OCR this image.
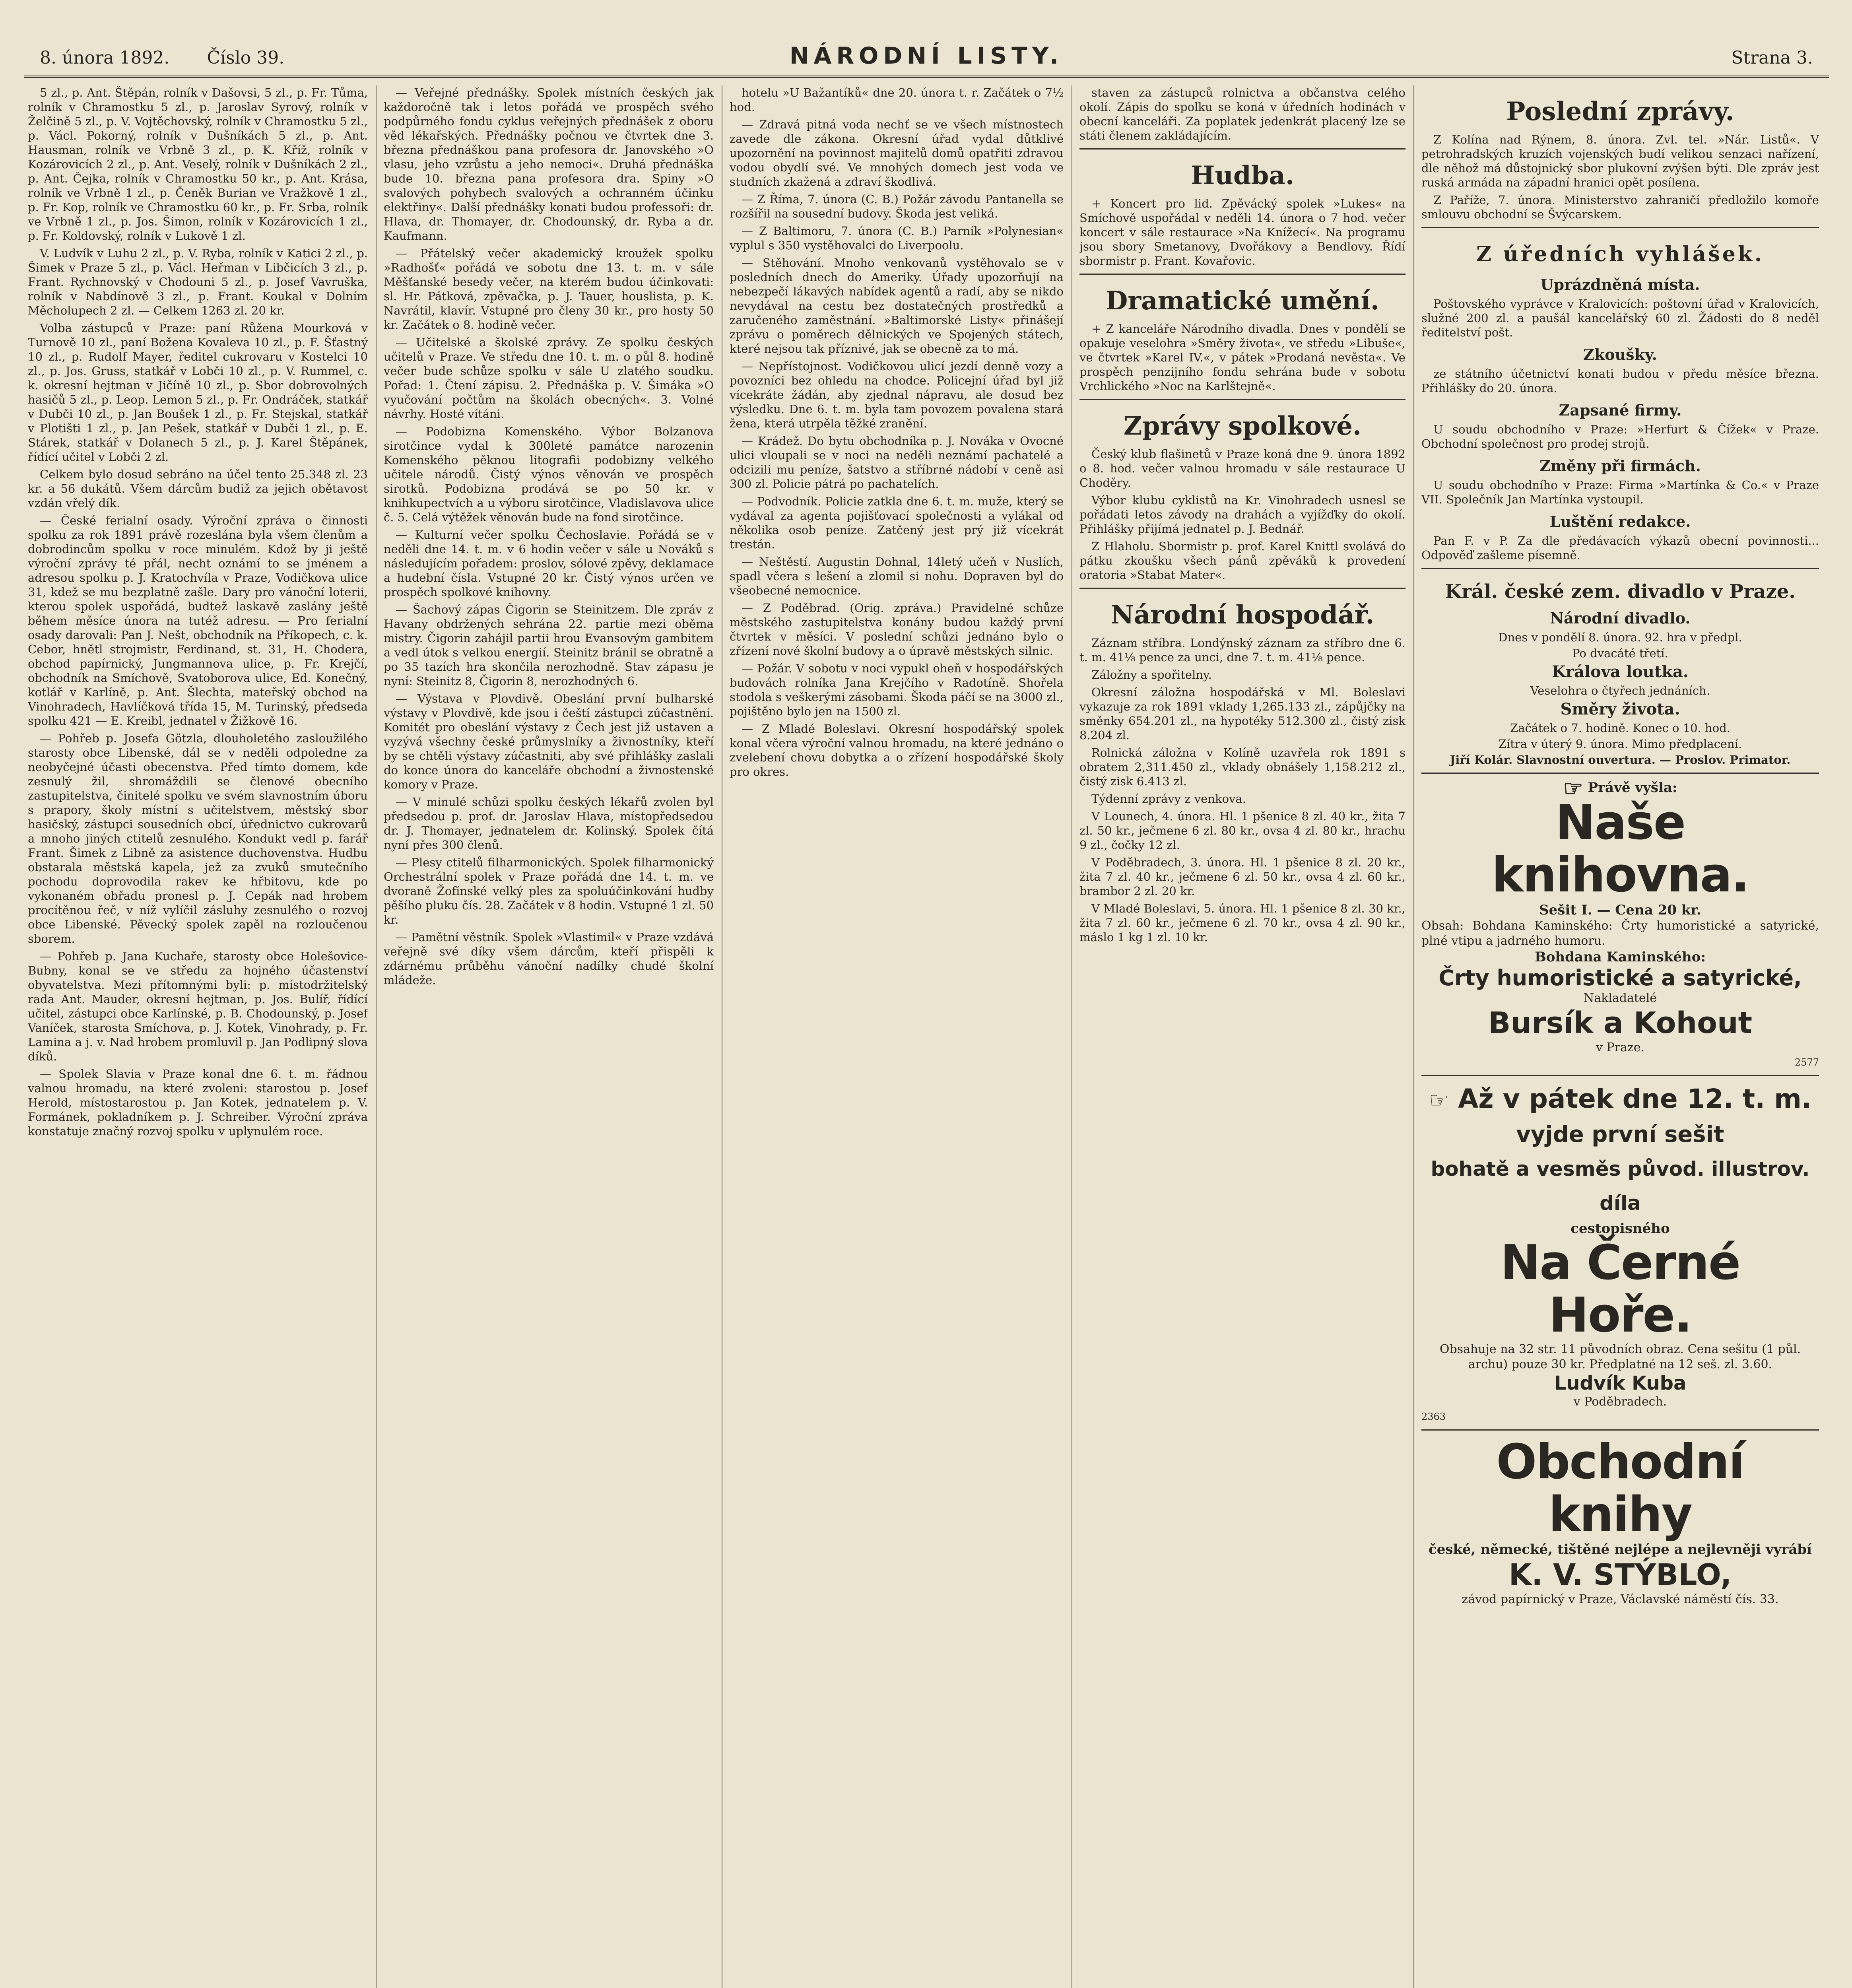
8. února 1892. Číslo 39.	NÁRODNÍ LISTY.	Strana 3.

5 zl., p. Ant. Štěpán, rolník v Dašovsi, 5 zl., p. Fr. Tůma, rolník v Chramostku 5 zl., p. Jaroslav Syrový, rolník v Želčině 5 zl., p. V. Vojtěchovský, rolník v Chramostku 5 zl., p. Václ. Pokorný, rolník v Dušníkách 5 zl., p. Ant. Hausman, rolník ve Vrbně 3 zl., p. K. Kříž, rolník v Kozárovicích 2 zl., p. Ant. Veselý, rolník v Dušníkách 2 zl., p. Ant. Čejka, rolník v Chramostku 50 kr., p. Ant. Krása, rolník ve Vrbně 1 zl., p. Čeněk Burian ve Vražkově 1 zl., p. Fr. Kop, rolník ve Chramostku 60 kr., p. Fr. Srba, rolník ve Vrbně 1 zl., p. Jos. Šimon, rolník v Kozárovicích 1 zl., p. Fr. Koldovský, rolník v Lukově 1 zl.

V. Ludvík v Luhu 2 zl., p. V. Ryba, rolník v Katici 2 zl., p. Šimek v Praze 5 zl., p. Václ. Heřman v Libčicích 3 zl., p. Frant. Rychnovský v Chodouni 5 zl., p. Josef Vavruška, rolník v Nabdínově 3 zl., p. Frant. Koukal v Dolním Měcholupech 2 zl. — Celkem 1263 zl. 20 kr.

Volba zástupců v Praze: paní Růžena Mourková v Turnově 10 zl., paní Božena Kovaleva 10 zl., p. F. Šťastný 10 zl., p. Rudolf Mayer, ředitel cukrovaru v Kostelci 10 zl., p. Jos. Gruss, statkář v Lobči 10 zl., p. V. Rummel, c. k. okresní hejtman v Jičíně 10 zl., p. Sbor dobrovolných hasičů 5 zl., p. Leop. Lemon 5 zl., p. Fr. Ondráček, statkář v Dubči 10 zl., p. Jan Boušek 1 zl., p. Fr. Stejskal, statkář v Plotišti 1 zl., p. Jan Pešek, statkář v Dubči 1 zl., p. E. Stárek, statkář v Dolanech 5 zl., p. J. Karel Štěpánek, řídící učitel v Lobči 2 zl.

Celkem bylo dosud sebráno na účel tento 25.348 zl. 23 kr. a 56 dukátů. Všem dárcům budiž za jejich obětavost vzdán vřelý dík.

— České ferialní osady. Výroční zpráva o činnosti spolku za rok 1891 právě rozeslána byla všem členům a dobrodincům spolku v roce minulém. Kdož by ji ještě výroční zprávy té přál, necht oznámí to se jménem a adresou spolku p. J. Kratochvíla v Praze, Vodičkova ulice 31, kdež se mu bezplatně zašle. Dary pro vánoční loterii, kterou spolek uspořádá, budtež laskavě zaslány ještě během měsíce února na tutéž adresu. — Pro ferialní osady darovali: Pan J. Nešt, obchodník na Příkopech, c. k. Cebor, hnětl strojmistr, Ferdinand, st. 31, H. Chodera, obchod papírnický, Jungmannova ulice, p. Fr. Krejčí, obchodník na Smíchově, Svatoborova ulice, Ed. Konečný, kotlář v Karlíně, p. Ant. Šlechta, mateřský obchod na Vinohradech, Havlíčková třída 15, M. Turinský, předseda spolku 421 — E. Kreibl, jednatel v Žižkově 16.

— Pohřeb p. Josefa Götzla, dlouholetého zasloužilého starosty obce Libenské, dál se v neděli odpoledne za neobyčejné účasti obecenstva. Před tímto domem, kde zesnulý žil, shromáždili se členové obecního zastupitelstva, činitelé spolku ve svém slavnostním úboru s prapory, školy místní s učitelstvem, městský sbor hasičský, zástupci sousedních obcí, úřednictvo cukrovarů a mnoho jiných ctitelů zesnulého. Kondukt vedl p. farář Frant. Šimek z Libně za asistence duchovenstva. Hudbu obstarala městská kapela, jež za zvuků smutečního pochodu doprovodila rakev ke hřbitovu, kde po vykonaném obřadu pronesl p. J. Cepák nad hrobem procítěnou řeč, v níž vylíčil zásluhy zesnulého o rozvoj obce Libenské. Pěvecký spolek zapěl na rozloučenou sborem.

— Pohřeb p. Jana Kuchaře, starosty obce Holešovice-Bubny, konal se ve středu za hojného účastenství obyvatelstva. Mezi přítomnými byli: p. místodržitelský rada Ant. Mauder, okresní hejtman, p. Jos. Bulíř, řídící učitel, zástupci obce Karlínské, p. B. Chodounský, p. Josef Vaníček, starosta Smíchova, p. J. Kotek, Vinohrady, p. Fr. Lamina a j. v. Nad hrobem promluvil p. Jan Podlipný slova díků.

— Spolek Slavia v Praze konal dne 6. t. m. řádnou valnou hromadu, na které zvoleni: starostou p. Josef Herold, místostarostou p. Jan Kotek, jednatelem p. V. Formánek, pokladníkem p. J. Schreiber. Výroční zpráva konstatuje značný rozvoj spolku v uplynulém roce.

— Veřejné přednášky. Spolek místních českých jak každoročně tak i letos pořádá ve prospěch svého podpůrného fondu cyklus veřejných přednášek z oboru věd lékařských. Přednášky počnou ve čtvrtek dne 3. března přednáškou pana profesora dr. Janovského »O vlasu, jeho vzrůstu a jeho nemoci«. Druhá přednáška bude 10. března pana profesora dra. Spiny »O svalových pohybech svalových a ochranném účinku elektřiny«. Další přednášky konati budou professoři: dr. Hlava, dr. Thomayer, dr. Chodounský, dr. Ryba a dr. Kaufmann.

— Přátelský večer akademický kroužek spolku »Radhošť« pořádá ve sobotu dne 13. t. m. v sále Měšťanské besedy večer, na kterém budou účinkovati: sl. Hr. Pátková, zpěvačka, p. J. Tauer, houslista, p. K. Navrátil, klavír. Vstupné pro členy 30 kr., pro hosty 50 kr. Začátek o 8. hodině večer.

— Učitelské a školské zprávy. Ze spolku českých učitelů v Praze. Ve středu dne 10. t. m. o půl 8. hodině večer bude schůze spolku v sále U zlatého soudku. Pořad: 1. Čtení zápisu. 2. Přednáška p. V. Šimáka »O vyučování počtům na školách obecných«. 3. Volné návrhy. Hosté vítáni.

— Podobizna Komenského. Výbor Bolzanova sirotčince vydal k 300leté památce narozenin Komenského pěknou litografii podobizny velkého učitele národů. Čistý výnos věnován ve prospěch sirotků. Podobizna prodává se po 50 kr. v knihkupectvích a u výboru sirotčince, Vladislavova ulice č. 5. Celá výtěžek věnován bude na fond sirotčince.

— Kulturní večer spolku Čechoslavie. Pořádá se v neděli dne 14. t. m. v 6 hodin večer v sále u Nováků s následujícím pořadem: proslov, sólové zpěvy, deklamace a hudební čísla. Vstupné 20 kr. Čistý výnos určen ve prospěch spolkové knihovny.

— Šachový zápas Čigorin se Steinitzem. Dle zpráv z Havany obdržených sehrána 22. partie mezi oběma mistry. Čigorin zahájil partii hrou Evansovým gambitem a vedl útok s velkou energií. Steinitz bránil se obratně a po 35 tazích hra skončila nerozhodně. Stav zápasu je nyní: Steinitz 8, Čigorin 8, nerozhodných 6.

— Výstava v Plovdivě. Obeslání první bulharské výstavy v Plovdivě, kde jsou i čeští zástupci zúčastnění. Komitét pro obeslání výstavy z Čech jest již ustaven a vyzývá všechny české průmyslníky a živnostníky, kteří by se chtěli výstavy zúčastniti, aby své přihlášky zaslali do konce února do kanceláře obchodní a živnostenské komory v Praze.

— V minulé schůzi spolku českých lékařů zvolen byl předsedou p. prof. dr. Jaroslav Hlava, místopředsedou dr. J. Thomayer, jednatelem dr. Kolinský. Spolek čítá nyní přes 300 členů.

— Plesy ctitelů filharmonických. Spolek filharmonický Orchestrální spolek v Praze pořádá dne 14. t. m. ve dvoraně Žofínské velký ples za spoluúčinkování hudby pěšího pluku čís. 28. Začátek v 8 hodin. Vstupné 1 zl. 50 kr.

— Pamětní věstník. Spolek »Vlastimil« v Praze vzdává veřejně své díky všem dárcům, kteří přispěli k zdárnému průběhu vánoční nadílky chudé školní mládeže.

hotelu »U Bažantíků« dne 20. února t. r. Začátek o 7½ hod.

— Zdravá pitná voda nechť se ve všech místnostech zavede dle zákona. Okresní úřad vydal důtklivé upozornění na povinnost majitelů domů opatřiti zdravou vodou obydlí své. Ve mnohých domech jest voda ve studních zkažená a zdraví škodlivá.

— Z Říma, 7. února (C. B.) Požár závodu Pantanella se rozšířil na sousední budovy. Škoda jest veliká.

— Z Baltimoru, 7. února (C. B.) Parník »Polynesian« vyplul s 350 vystěhovalci do Liverpoolu.

— Stěhování. Mnoho venkovanů vystěhovalo se v posledních dnech do Ameriky. Úřady upozorňují na nebezpečí lákavých nabídek agentů a radí, aby se nikdo nevydával na cestu bez dostatečných prostředků a zaručeného zaměstnání. »Baltimorské Listy« přinášejí zprávu o poměrech dělnických ve Spojených státech, které nejsou tak příznivé, jak se obecně za to má.

— Nepřístojnost. Vodičkovou ulicí jezdí denně vozy a povozníci bez ohledu na chodce. Policejní úřad byl již vícekráte žádán, aby zjednal nápravu, ale dosud bez výsledku. Dne 6. t. m. byla tam povozem povalena stará žena, která utrpěla těžké zranění.

— Krádež. Do bytu obchodníka p. J. Nováka v Ovocné ulici vloupali se v noci na neděli neznámí pachatelé a odcizili mu peníze, šatstvo a stříbrné nádobí v ceně asi 300 zl. Policie pátrá po pachatelích.

— Podvodník. Policie zatkla dne 6. t. m. muže, který se vydával za agenta pojišťovací společnosti a vylákal od několika osob peníze. Zatčený jest prý již vícekrát trestán.

— Neštěstí. Augustin Dohnal, 14letý učeň v Nuslích, spadl včera s lešení a zlomil si nohu. Dopraven byl do všeobecné nemocnice.

— Z Poděbrad. (Orig. zpráva.) Pravidelné schůze městského zastupitelstva konány budou každý první čtvrtek v měsíci. V poslední schůzi jednáno bylo o zřízení nové školní budovy a o úpravě městských silnic.

— Požár. V sobotu v noci vypukl oheň v hospodářských budovách rolníka Jana Krejčího v Radotíně. Shořela stodola s veškerými zásobami. Škoda páčí se na 3000 zl., pojištěno bylo jen na 1500 zl.

— Z Mladé Boleslavi. Okresní hospodářský spolek konal včera výroční valnou hromadu, na které jednáno o zvelebení chovu dobytka a o zřízení hospodářské školy pro okres.

staven za zástupců rolnictva a občanstva celého okolí. Zápis do spolku se koná v úředních hodinách v obecní kanceláři. Za poplatek jedenkrát placený lze se státi členem zakládajícím.

Hudba.

+ Koncert pro lid. Zpěvácký spolek »Lukes« na Smíchově uspořádal v neděli 14. února o 7 hod. večer koncert v sále restaurace »Na Knížecí«. Na programu jsou sbory Smetanovy, Dvořákovy a Bendlovy. Řídí sbormistr p. Frant. Kovařovic.

Dramatické umění.

+ Z kanceláře Národního divadla. Dnes v pondělí se opakuje veselohra »Směry života«, ve středu »Libuše«, ve čtvrtek »Karel IV.«, v pátek »Prodaná nevěsta«. Ve prospěch penzijního fondu sehrána bude v sobotu Vrchlického »Noc na Karlštejně«.

Zprávy spolkové.

Český klub flašinetů v Praze koná dne 9. února 1892 o 8. hod. večer valnou hromadu v sále restaurace U Choděry.

Výbor klubu cyklistů na Kr. Vinohradech usnesl se pořádati letos závody na drahách a vyjížďky do okolí. Přihlášky přijímá jednatel p. J. Bednář.

Z Hlaholu. Sbormistr p. prof. Karel Knittl svolává do pátku zkoušku všech pánů zpěváků k provedení oratoria »Stabat Mater«.

Národní hospodář.

Záznam stříbra. Londýnský záznam za stříbro dne 6. t. m. 41⅛ pence za unci, dne 7. t. m. 41⅛ pence.

Záložny a spořitelny.

Okresní záložna hospodářská v Ml. Boleslavi vykazuje za rok 1891 vklady 1,265.133 zl., zápůjčky na směnky 654.201 zl., na hypotéky 512.300 zl., čistý zisk 8.204 zl.

Rolnická záložna v Kolíně uzavřela rok 1891 s obratem 2,311.450 zl., vklady obnášely 1,158.212 zl., čistý zisk 6.413 zl.

Týdenní zprávy z venkova.

V Lounech, 4. února. Hl. 1 pšenice 8 zl. 40 kr., žita 7 zl. 50 kr., ječmene 6 zl. 80 kr., ovsa 4 zl. 80 kr., hrachu 9 zl., čočky 12 zl.

V Poděbradech, 3. února. Hl. 1 pšenice 8 zl. 20 kr., žita 7 zl. 40 kr., ječmene 6 zl. 50 kr., ovsa 4 zl. 60 kr., brambor 2 zl. 20 kr.

V Mladé Boleslavi, 5. února. Hl. 1 pšenice 8 zl. 30 kr., žita 7 zl. 60 kr., ječmene 6 zl. 70 kr., ovsa 4 zl. 90 kr., máslo 1 kg 1 zl. 10 kr.

Poslední zprávy.

Z Kolína nad Rýnem, 8. února. Zvl. tel. »Nár. Listů«. V petrohradských kruzích vojenských budí velikou senzaci nařízení, dle něhož má důstojnický sbor plukovní zvýšen býti. Dle zpráv jest ruská armáda na západní hranici opět posílena.

Z Paříže, 7. února. Ministerstvo zahraničí předložilo komoře smlouvu obchodní se Švýcarskem.

Z úředních vyhlášek.
Uprázdněná místa.

Poštovského vyprávce v Kralovicích: poštovní úřad v Kralovicích, služné 200 zl. a paušál kancelářský 60 zl. Žádosti do 8 neděl ředitelství pošt.

Zkoušky.

ze státního účetnictví konati budou v předu měsíce března. Přihlášky do 20. února.

Zapsané firmy.

U soudu obchodního v Praze: »Herfurt & Čížek« v Praze. Obchodní společnost pro prodej strojů.

Změny při firmách.

U soudu obchodního v Praze: Firma »Martínka & Co.« v Praze VII. Společník Jan Martínka vystoupil.

Luštění redakce.

Pan F. v P. Za dle předávacích výkazů obecní povinnosti... Odpověď zašleme písemně.

Král. české zem. divadlo v Praze.
Národní divadlo.
Dnes v pondělí 8. února. 92. hra v předpl.
Po dvacáté třetí.
Králova loutka.
Veselohra o čtyřech jednáních.
Směry života.
Začátek o 7. hodině. Konec o 10. hod.
Zítra v úterý 9. února. Mimo předplacení.

Jiří Kolár. Slavnostní ouvertura. — Proslov. Primator.

☞ Právě vyšla:
Naše knihovna.
Sešit I. — Cena 20 kr.
Obsah: Bohdana Kaminského: Črty humoristické a satyrické, plné vtipu a jadrného humoru.
Bohdana Kaminského:
Črty humoristické a satyrické,
Nakladatelé
Bursík a Kohout
v Praze.
2577
☞ Až v pátek dne 12. t. m.
vyjde první sešit
bohatě a vesměs původ. illustrov. díla
cestopisného
Na Černé Hoře.
Obsahuje na 32 str. 11 původních obraz. Cena sešitu (1 půl. archu) pouze 30 kr. Předplatné na 12 seš. zl. 3.60.
Ludvík Kuba
v Poděbradech.
2363
Obchodní knihy
české, německé, tištěné nejlépe a nejlevněji vyrábí
K. V. STÝBLO,
závod papírnický v Praze, Václavské náměstí čís. 33.
